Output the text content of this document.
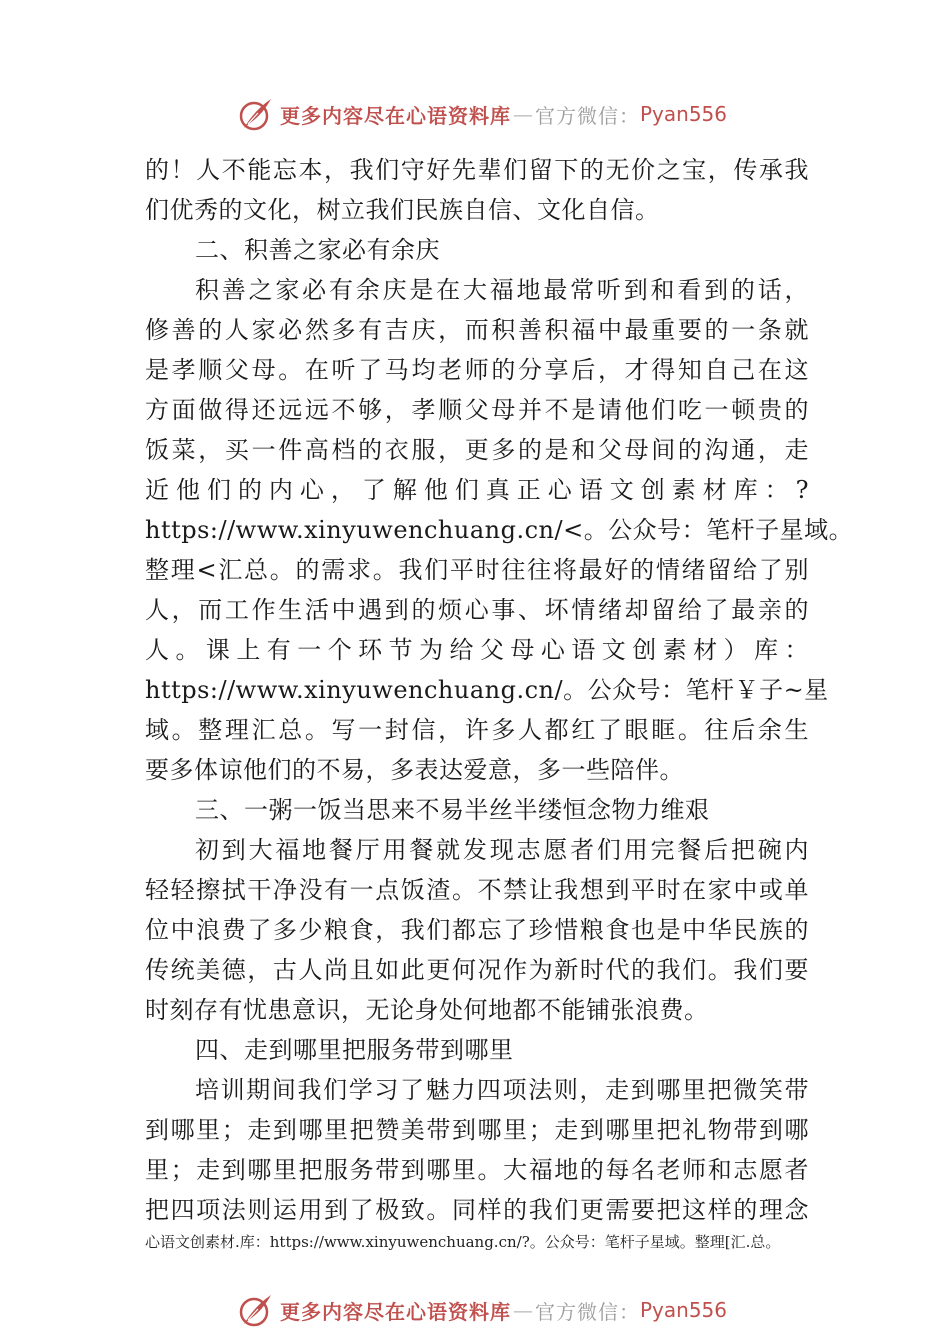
更多内容尽在心语资料库 — 官方微信： Pyan556
的！人不能忘本，我们守好先辈们留下的无价之宝，传承我
们优秀的文化，树立我们民族自信、文化自信。
二、积善之家必有余庆
积善之家必有余庆是在大福地最常听到和看到的话，
修善的人家必然多有吉庆，而积善积福中最重要的一条就
是孝顺父母。在听了马均老师的分享后，才得知自己在这
方面做得还远远不够，孝顺父母并不是请他们吃一顿贵的
饭菜，买一件高档的衣服，更多的是和父母间的沟通，走
近他们的内心，了解他们真正心语文创素材库：?
https://www.xinyuwenchuang.cn/<。公众号：笔杆子星域。
整理<汇总。的需求。我们平时往往将最好的情绪留给了别
人，而工作生活中遇到的烦心事、坏情绪却留给了最亲的
人。课上有一个环节为给父母心语文创素材）库：
https://www.xinyuwenchuang.cn/。公众号：笔杆￥子~星
域。整理汇总。写一封信，许多人都红了眼眶。往后余生
要多体谅他们的不易，多表达爱意，多一些陪伴。
三、一粥一饭当思来不易半丝半缕恒念物力维艰
初到大福地餐厅用餐就发现志愿者们用完餐后把碗内
轻轻擦拭干净没有一点饭渣。不禁让我想到平时在家中或单
位中浪费了多少粮食，我们都忘了珍惜粮食也是中华民族的
传统美德，古人尚且如此更何况作为新时代的我们。我们要
时刻存有忧患意识，无论身处何地都不能铺张浪费。
四、走到哪里把服务带到哪里
培训期间我们学习了魅力四项法则，走到哪里把微笑带
到哪里；走到哪里把赞美带到哪里；走到哪里把礼物带到哪
里；走到哪里把服务带到哪里。大福地的每名老师和志愿者
把四项法则运用到了极致。同样的我们更需要把这样的理念
心语文创素材.库：https://www.xinyuwenchuang.cn/?。公众号：笔杆子星域。整理[汇.总。
更多内容尽在心语资料库 — 官方微信： Pyan556
